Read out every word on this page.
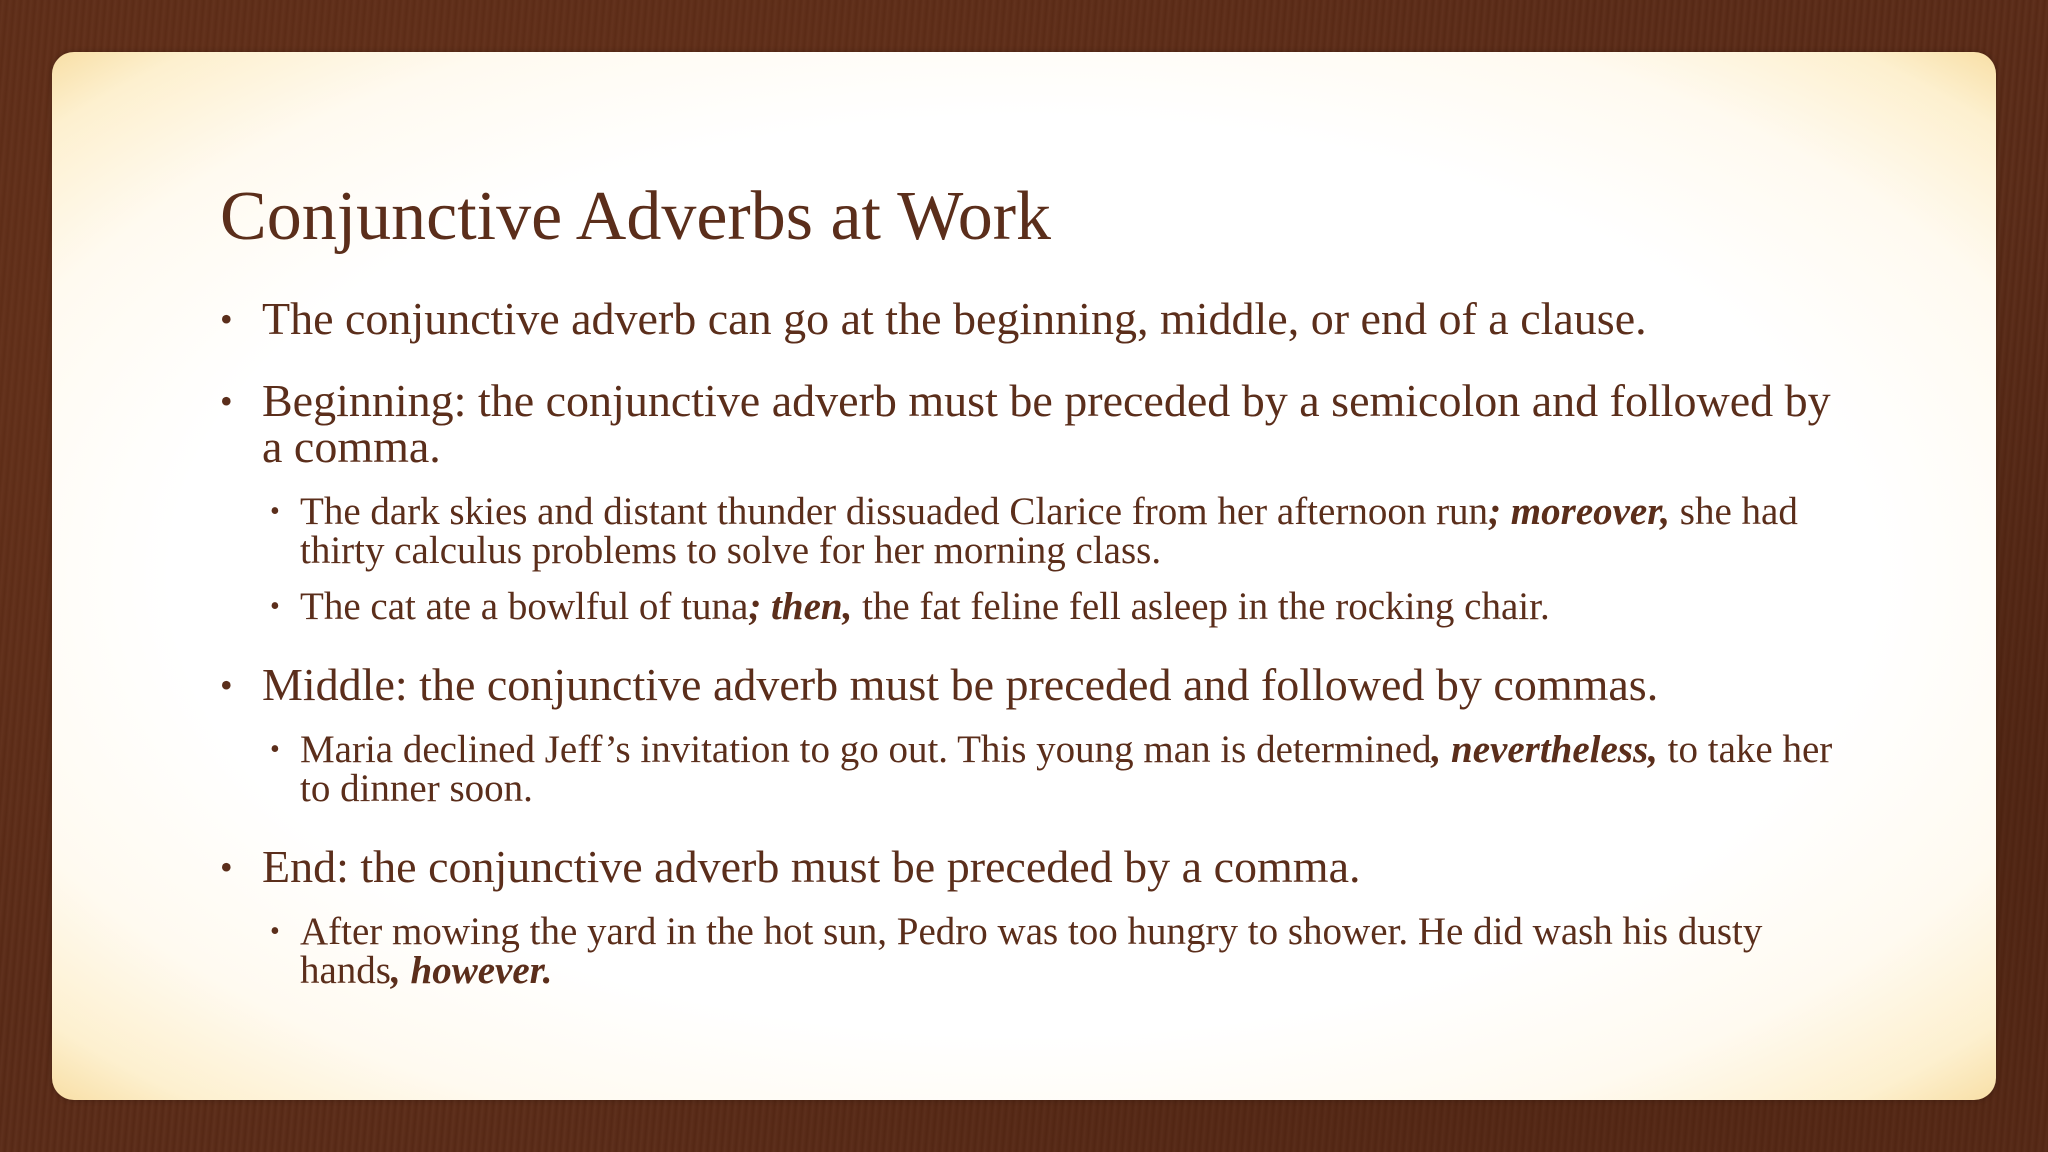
Conjunctive Adverbs at Work
• The conjunctive adverb can go at the beginning, middle, or end of a clause.
• Beginning: the conjunctive adverb must be preceded by a semicolon and followed by a comma.
• The dark skies and distant thunder dissuaded Clarice from her afternoon run; moreover, she had thirty calculus problems to solve for her morning class.
• The cat ate a bowlful of tuna; then, the fat feline fell asleep in the rocking chair.
• Middle: the conjunctive adverb must be preceded and followed by commas.
• Maria declined Jeff’s invitation to go out. This young man is determined, nevertheless, to take her to dinner soon.
• End: the conjunctive adverb must be preceded by a comma.
• After mowing the yard in the hot sun, Pedro was too hungry to shower. He did wash his dusty hands, however.
